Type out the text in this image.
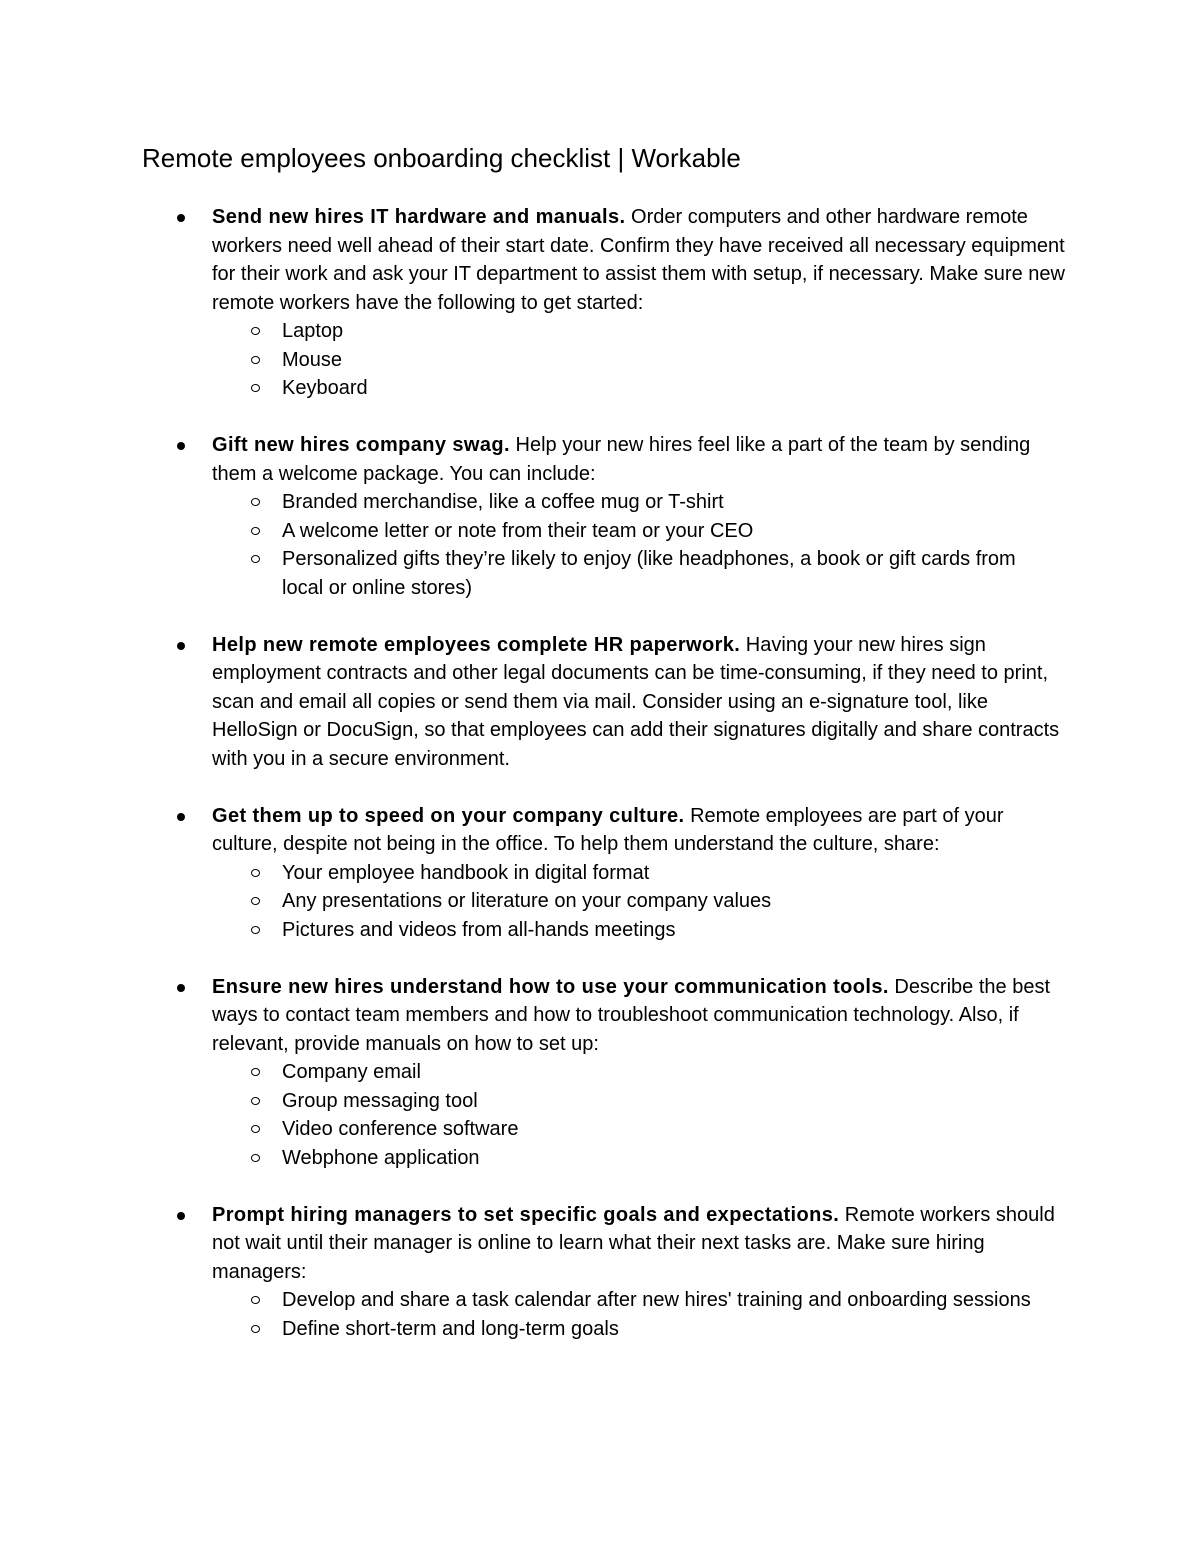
Remote employees onboarding checklist | Workable
Send new hires IT hardware and manuals. Order computers and other hardware remote workers need well ahead of their start date. Confirm they have received all necessary equipment for their work and ask your IT department to assist them with setup, if necessary. Make sure new remote workers have the following to get started:
Laptop
Mouse
Keyboard
Gift new hires company swag. Help your new hires feel like a part of the team by sending them a welcome package. You can include:
Branded merchandise, like a coffee mug or T-shirt
A welcome letter or note from their team or your CEO
Personalized gifts they’re likely to enjoy (like headphones, a book or gift cards from local or online stores)
Help new remote employees complete HR paperwork. Having your new hires sign employment contracts and other legal documents can be time-consuming, if they need to print, scan and email all copies or send them via mail. Consider using an e-signature tool, like HelloSign or DocuSign, so that employees can add their signatures digitally and share contracts with you in a secure environment.
Get them up to speed on your company culture. Remote employees are part of your culture, despite not being in the office. To help them understand the culture, share:
Your employee handbook in digital format
Any presentations or literature on your company values
Pictures and videos from all-hands meetings
Ensure new hires understand how to use your communication tools. Describe the best ways to contact team members and how to troubleshoot communication technology. Also, if relevant, provide manuals on how to set up:
Company email
Group messaging tool
Video conference software
Webphone application
Prompt hiring managers to set specific goals and expectations. Remote workers should not wait until their manager is online to learn what their next tasks are. Make sure hiring managers:
Develop and share a task calendar after new hires' training and onboarding sessions
Define short-term and long-term goals
